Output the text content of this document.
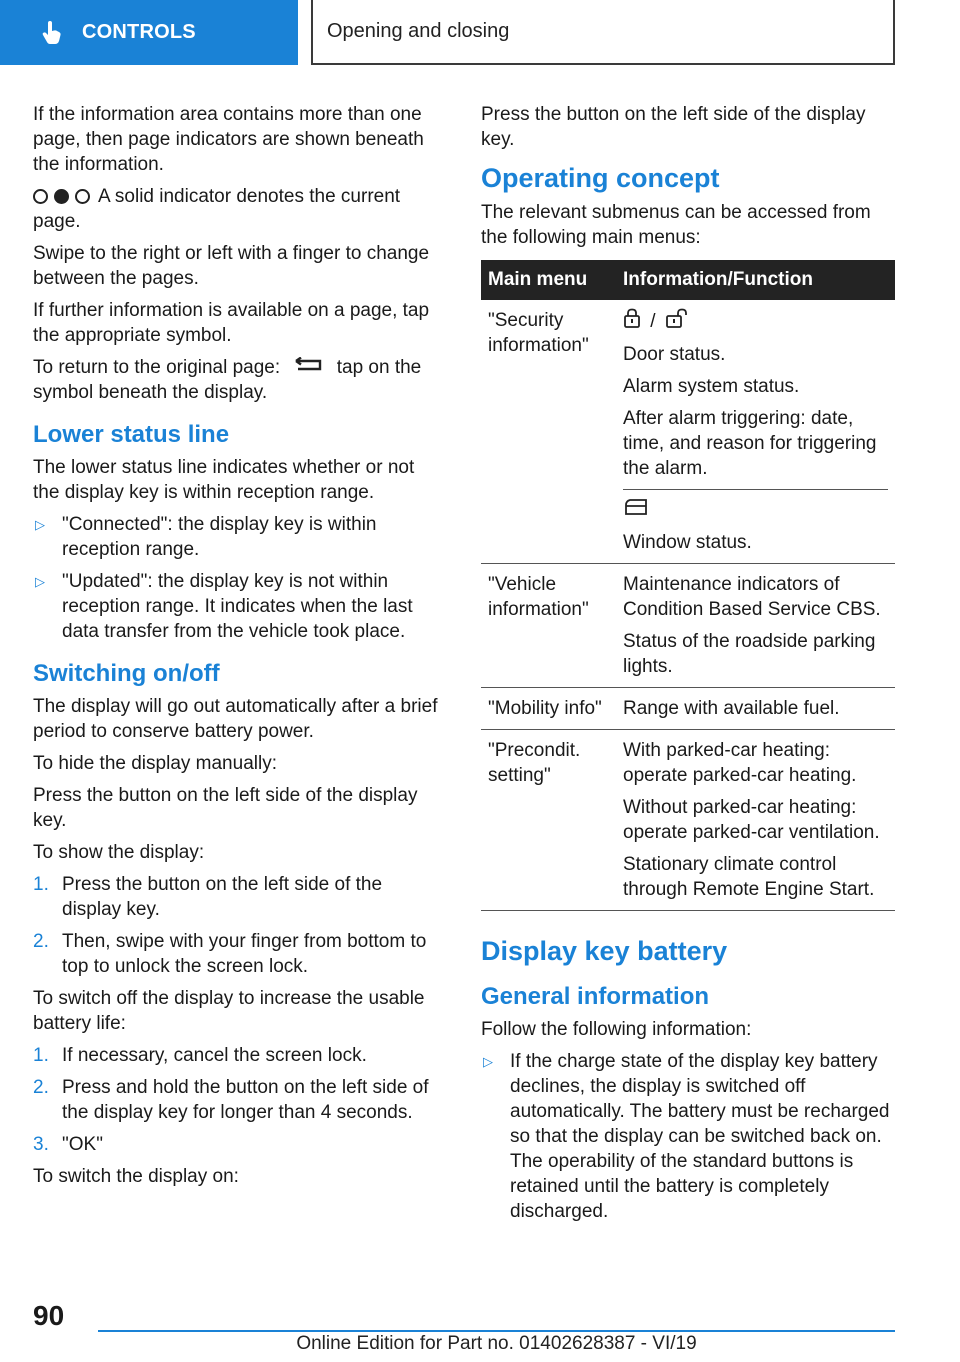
CONTROLS	Opening and closing

If the information area contains more than one page, then page indicators are shown beneath the information.

A solid indicator denotes the current page.

Swipe to the right or left with a finger to change between the pages.

If further information is available on a page, tap the appropriate symbol.

To return to the original page:	tap on the symbol beneath the display.

Lower status line

The lower status line indicates whether or not the display key is within reception range.

▷ "Connected": the display key is within reception range.
▷ "Updated": the display key is not within reception range. It indicates when the last data transfer from the vehicle took place.
Switching on/off

The display will go out automatically after a brief period to conserve battery power.

To hide the display manually:

Press the button on the left side of the display key.

To show the display:

1. Press the button on the left side of the display key.
2. Then, swipe with your finger from bottom to top to unlock the screen lock.

To switch off the display to increase the usable battery life:

1. If necessary, cancel the screen lock.
2. Press and hold the button on the left side of the display key for longer than 4 seconds.
3. "OK"

To switch the display on:

Press the button on the left side of the display key.

Operating concept

The relevant submenus can be accessed from the following main menus:

Main menu	Information/Function
"Security information"	/

Door status.

Alarm system status.

After alarm triggering: date, time, and reason for triggering the alarm.

Window status.

"Vehicle information"	Maintenance indicators of Condition Based Service CBS.

Status of the roadside parking lights.

"Mobility info"	Range with available fuel.

"Precondit. setting"	With parked-car heating: operate parked-car heating.

Without parked-car heating: operate parked-car ventilation.

Stationary climate control through Remote Engine Start.

Display key battery
General information

Follow the following information:

▷ If the charge state of the display key battery declines, the display is switched off automatically. The battery must be recharged so that the display can be switched back on. The operability of the standard buttons is retained until the battery is completely discharged.
90
Online Edition for Part no. 01402628387 - VI/19
